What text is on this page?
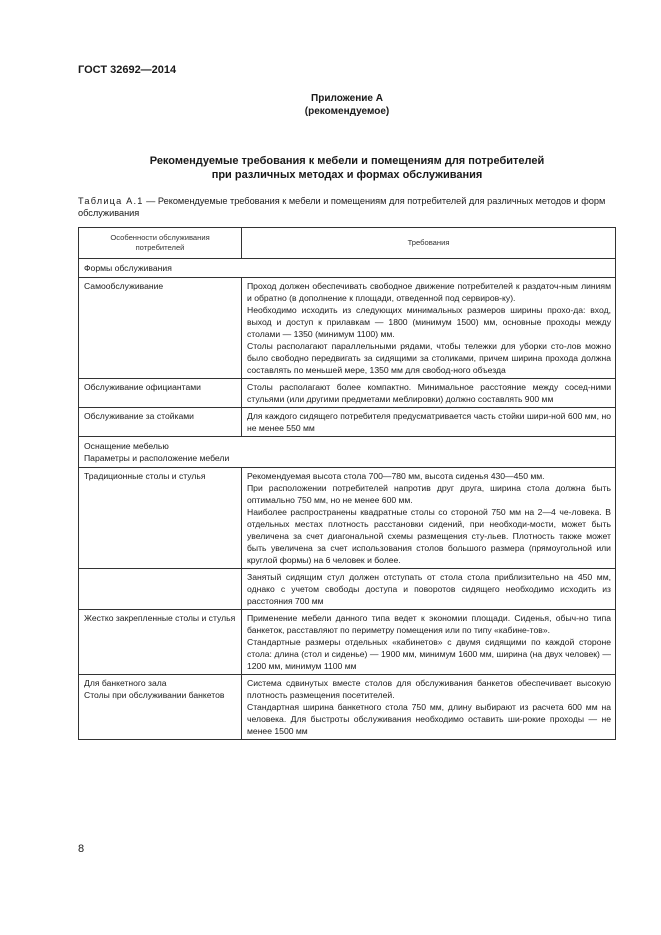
ГОСТ 32692—2014
Приложение А
(рекомендуемое)
Рекомендуемые требования к мебели и помещениям для потребителей
при различных методах и формах обслуживания
Таблица А.1 — Рекомендуемые требования к мебели и помещениям для потребителей для различных методов и форм обслуживания
Особенности обслуживания
потребителей	Требования
Формы обслуживания	
Самообслуживание	Проход должен обеспечивать свободное движение потребителей к раздаточ-ным линиям и обратно (в дополнение к площади, отведенной под сервиров-ку).
Необходимо исходить из следующих минимальных размеров ширины прохо-да: вход, выход и доступ к прилавкам — 1800 (минимум 1500) мм, основные проходы между столами — 1350 (минимум 1100) мм.
Столы располагают параллельными рядами, чтобы тележки для уборки сто-лов можно было свободно передвигать за сидящими за столиками, причем ширина прохода должна составлять по меньшей мере, 1350 мм для свобод-ного объезда

Обслуживание официантами	Столы располагают более компактно. Минимальное расстояние между сосед-ними стульями (или другими предметами меблировки) должно составлять 900 мм
Обслуживание за стойками	Для каждого сидящего потребителя предусматривается часть стойки шири-ной 600 мм, но не менее 550 мм

Оснащение мебелью
Параметры и расположение мебели	

Традиционные столы и стулья	Рекомендуемая высота стола 700—780 мм, высота сиденья 430—450 мм.
При расположении потребителей напротив друг друга, ширина стола должна быть оптимально 750 мм, но не менее 600 мм.
Наиболее распространены квадратные столы со стороной 750 мм на 2—4 че-ловека. В отдельных местах плотность расстановки сидений, при необходи-мости, может быть увеличена за счет диагональной схемы размещения сту-льев. Плотность также может быть увеличена за счет использования столов большого размера (прямоугольной или круглой формы) на 6 человек и более.

	Занятый сидящим стул должен отступать от стола стола приблизительно на 450 мм, однако с учетом свободы доступа и поворотов сидящего необходимо исходить из расстояния 700 мм
Жестко закрепленные столы и стулья	Применение мебели данного типа ведет к экономии площади. Сиденья, обыч-но типа банкеток, расставляют по периметру помещения или по типу «кабине-тов».
Стандартные размеры отдельных «кабинетов» с двумя сидящими по каждой стороне стола: длина (стол и сиденье) — 1900 мм, минимум 1600 мм, ширина (на двух человек) — 1200 мм, минимум 1100 мм

Для банкетного зала
Столы при обслуживании банкетов	Система сдвинутых вместе столов для обслуживания банкетов обеспечивает высокую плотность размещения посетителей.
Стандартная ширина банкетного стола 750 мм, длину выбирают из расчета 600 мм на человека. Для быстроты обслуживания необходимо оставить ши-рокие проходы — не менее 1500 мм
8
